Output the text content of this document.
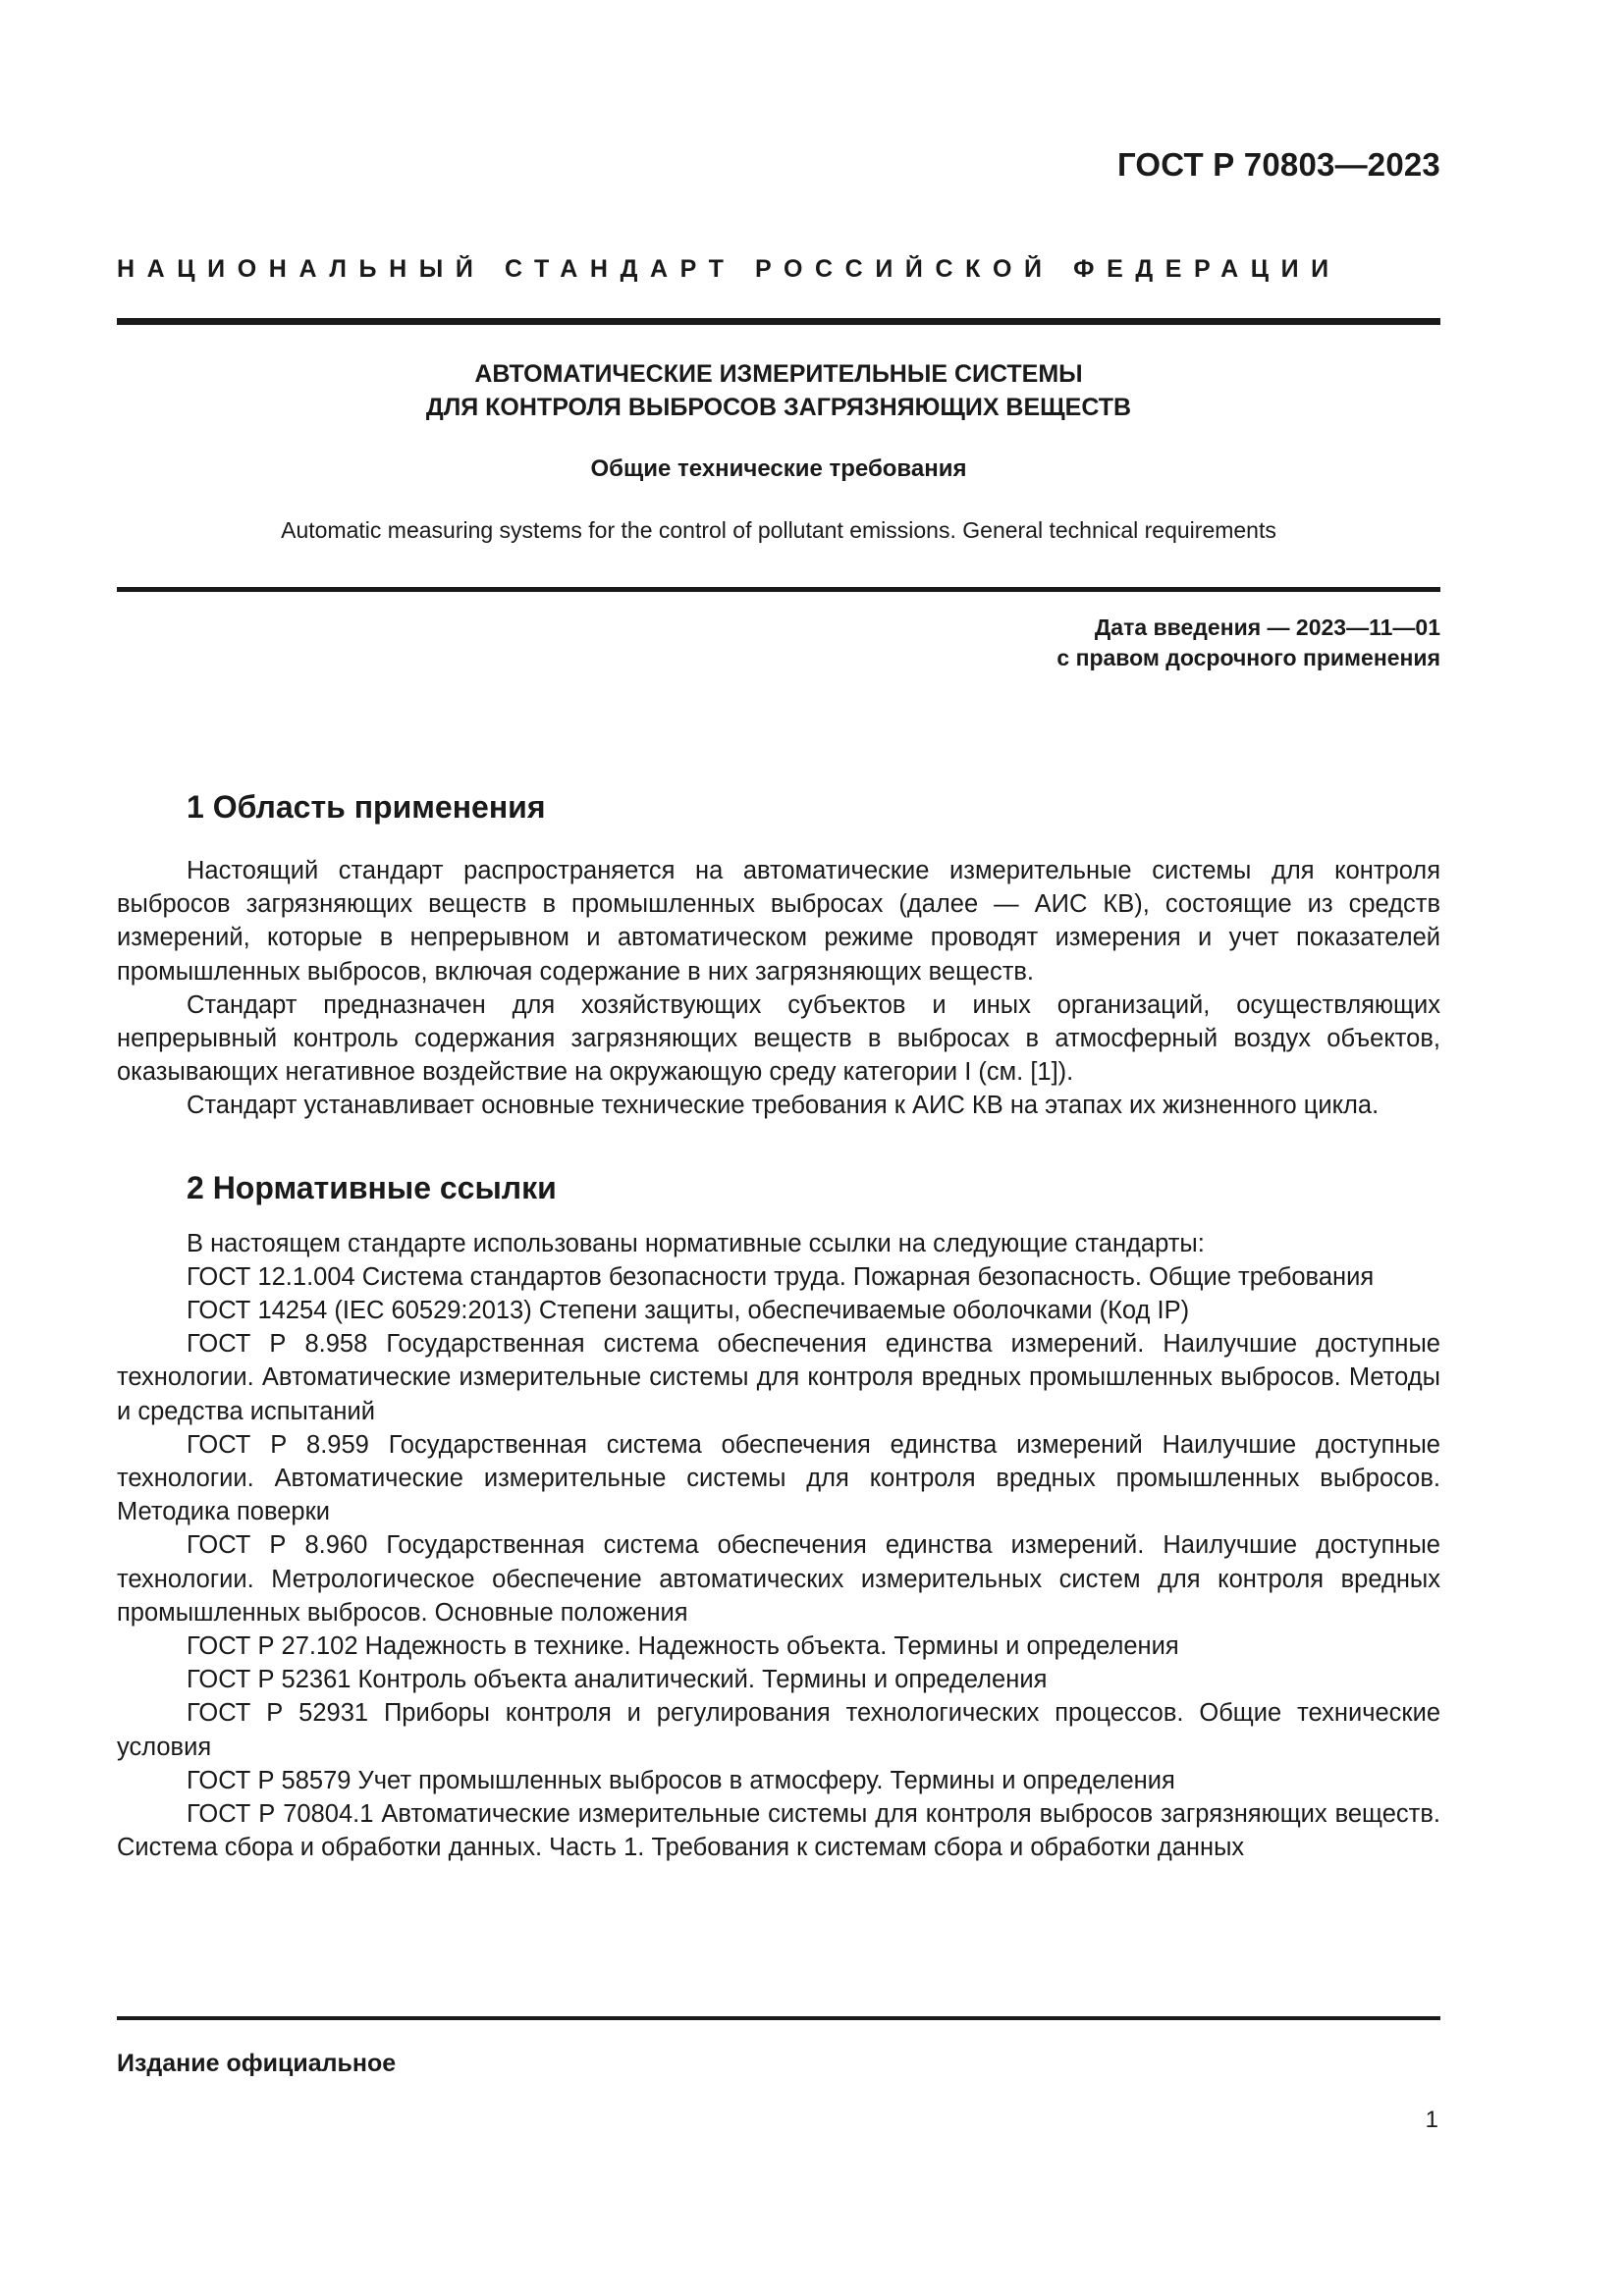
ГОСТ Р 70803—2023

НАЦИОНАЛЬНЫЙ СТАНДАРТ РОССИЙСКОЙ ФЕДЕРАЦИИ

АВТОМАТИЧЕСКИЕ ИЗМЕРИТЕЛЬНЫЕ СИСТЕМЫ
ДЛЯ КОНТРОЛЯ ВЫБРОСОВ ЗАГРЯЗНЯЮЩИХ ВЕЩЕСТВ

Общие технические требования

Automatic measuring systems for the control of pollutant emissions. General technical requirements

Дата введения — 2023—11—01
с правом досрочного применения
1 Область применения

Настоящий стандарт распространяется на автоматические измерительные системы для контроля выбросов загрязняющих веществ в промышленных выбросах (далее — АИС КВ), состоящие из средств измерений, которые в непрерывном и автоматическом режиме проводят измерения и учет показателей промышленных выбросов, включая содержание в них загрязняющих веществ.

Стандарт предназначен для хозяйствующих субъектов и иных организаций, осуществляющих непрерывный контроль содержания загрязняющих веществ в выбросах в атмосферный воздух объектов, оказывающих негативное воздействие на окружающую среду категории I (см. [1]).

Стандарт устанавливает основные технические требования к АИС КВ на этапах их жизненного цикла.

2 Нормативные ссылки

В настоящем стандарте использованы нормативные ссылки на следующие стандарты:

ГОСТ 12.1.004 Система стандартов безопасности труда. Пожарная безопасность. Общие требования

ГОСТ 14254 (IEC 60529:2013) Степени защиты, обеспечиваемые оболочками (Код IP)

ГОСТ Р 8.958 Государственная система обеспечения единства измерений. Наилучшие доступные технологии. Автоматические измерительные системы для контроля вредных промышленных выбросов. Методы и средства испытаний

ГОСТ Р 8.959 Государственная система обеспечения единства измерений Наилучшие доступные технологии. Автоматические измерительные системы для контроля вредных промышленных выбросов. Методика поверки

ГОСТ Р 8.960 Государственная система обеспечения единства измерений. Наилучшие доступные технологии. Метрологическое обеспечение автоматических измерительных систем для контроля вредных промышленных выбросов. Основные положения

ГОСТ Р 27.102 Надежность в технике. Надежность объекта. Термины и определения

ГОСТ Р 52361 Контроль объекта аналитический. Термины и определения

ГОСТ Р 52931 Приборы контроля и регулирования технологических процессов. Общие технические условия

ГОСТ Р 58579 Учет промышленных выбросов в атмосферу. Термины и определения

ГОСТ Р 70804.1 Автоматические измерительные системы для контроля выбросов загрязняющих веществ. Система сбора и обработки данных. Часть 1. Требования к системам сбора и обработки данных

Издание официальное

1
